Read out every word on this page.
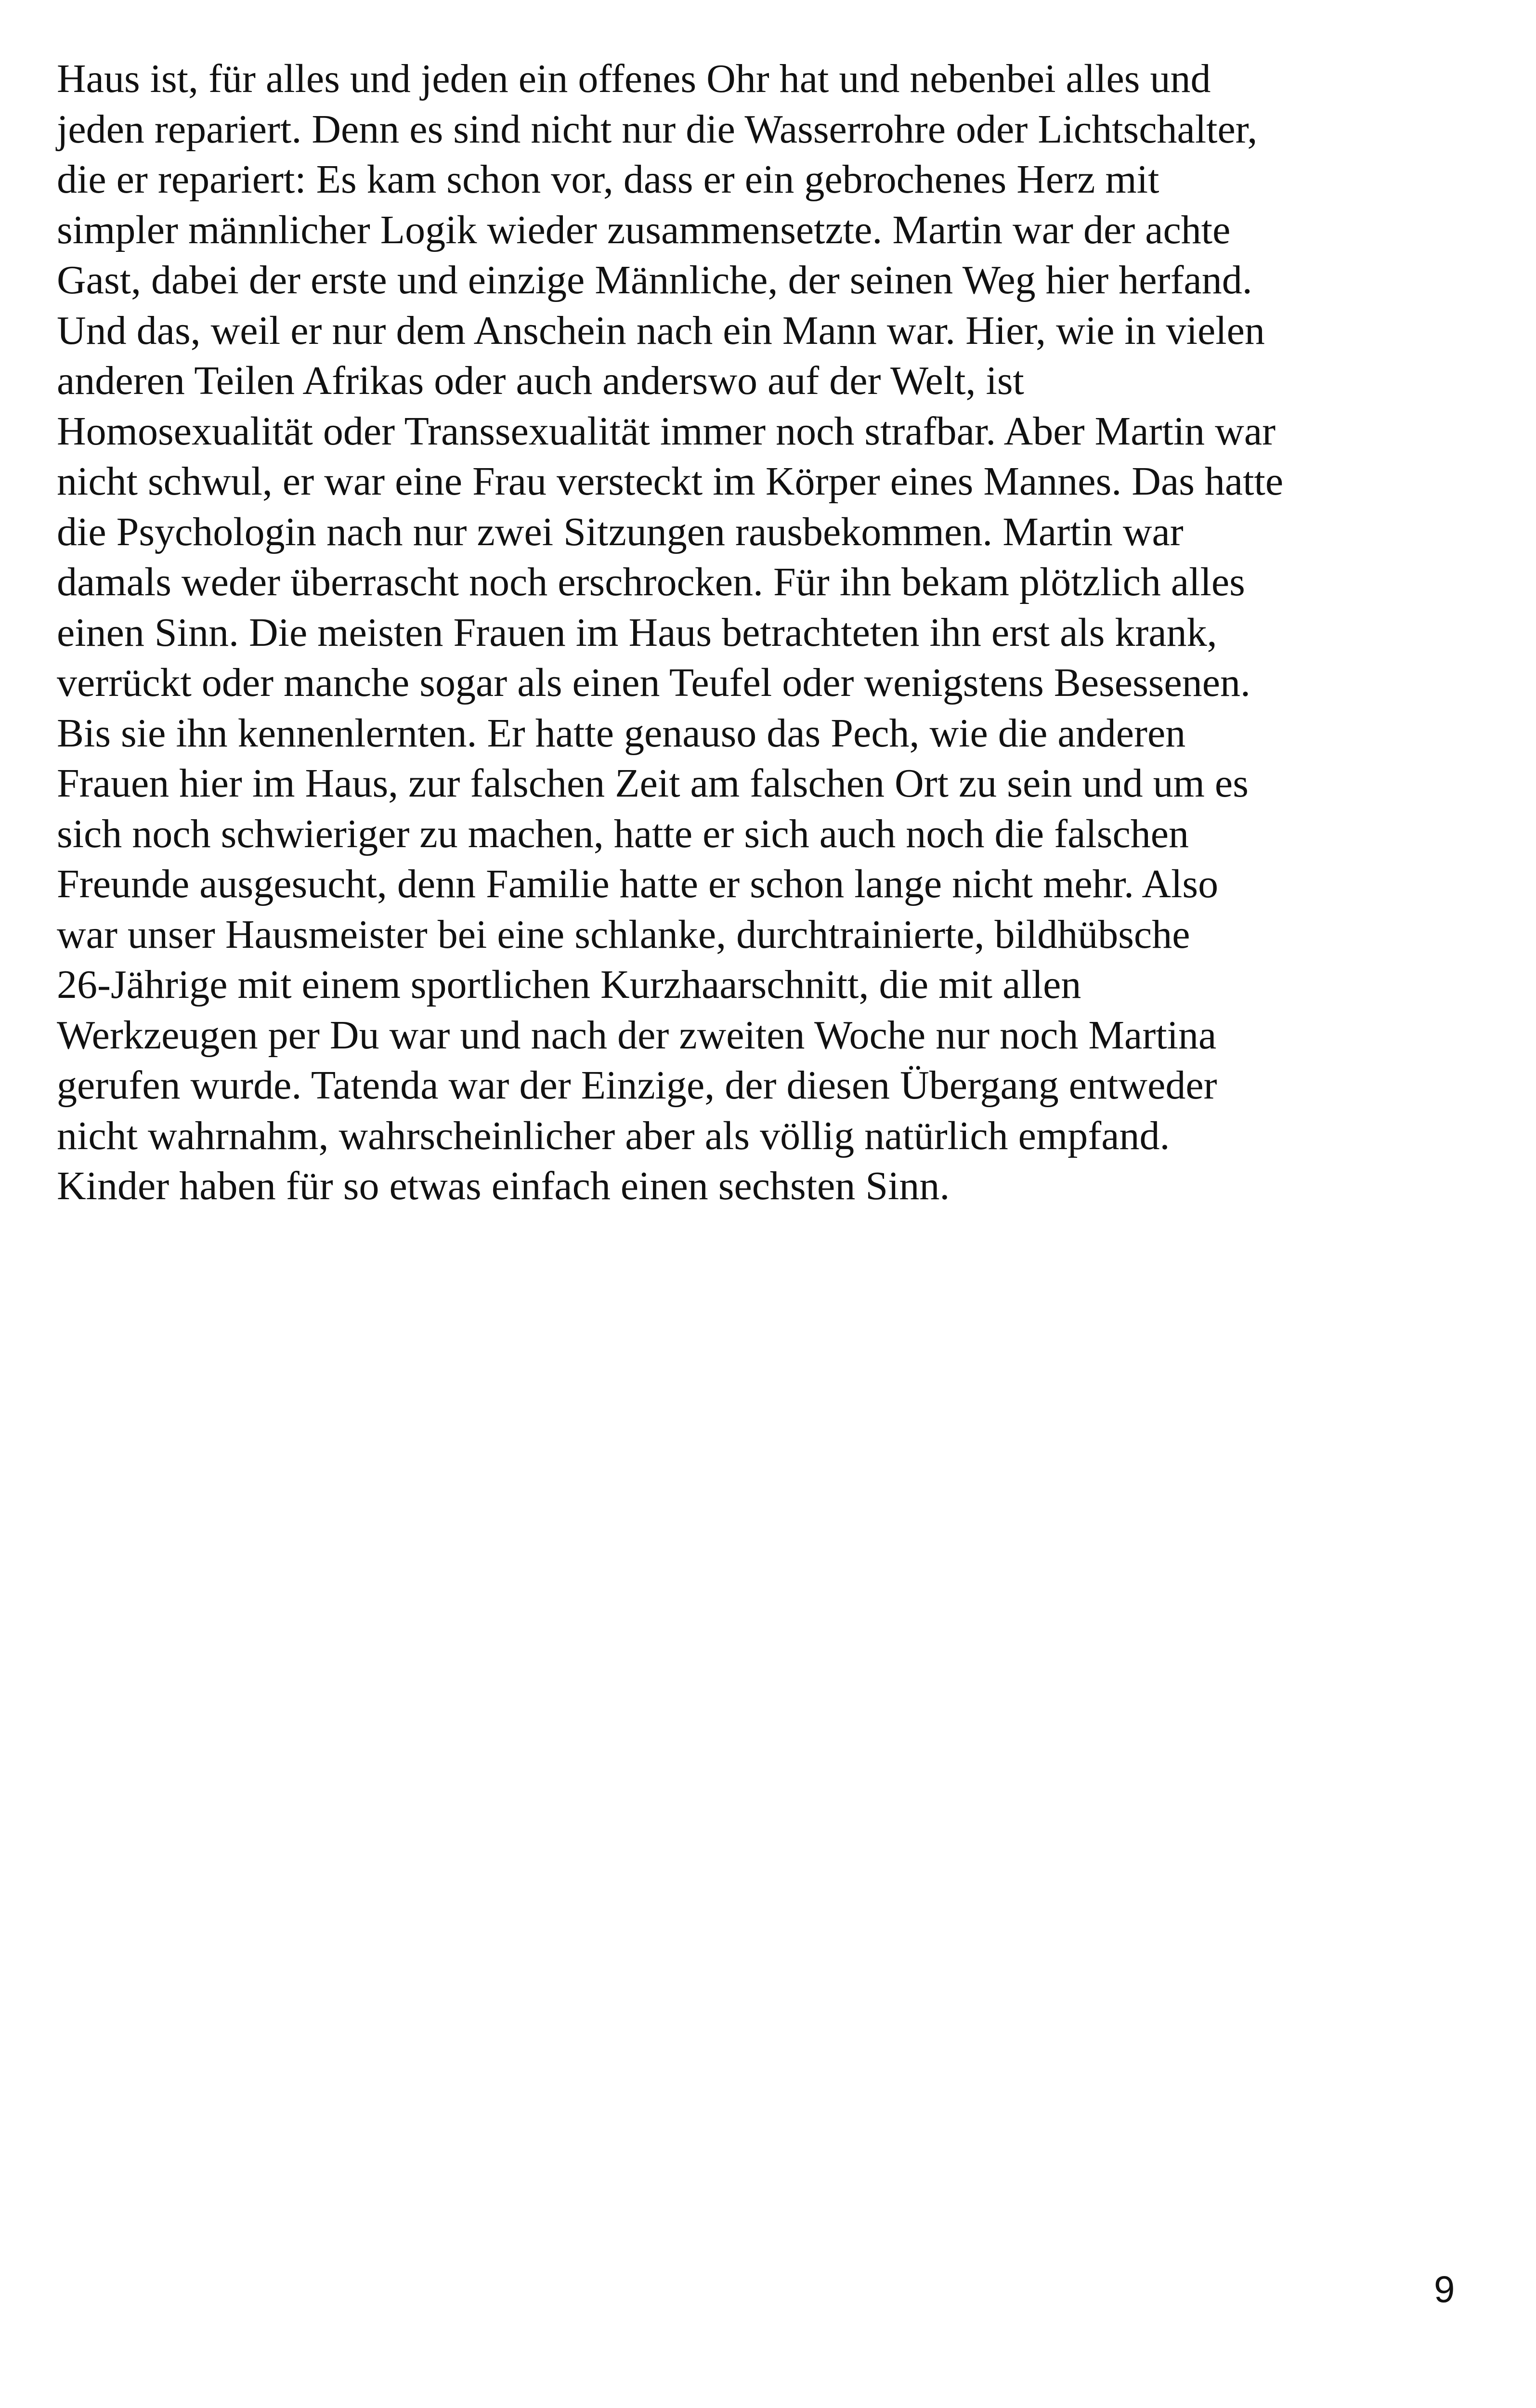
Haus ist, für alles und jeden ein offenes Ohr hat und nebenbei alles und
jeden repariert. Denn es sind nicht nur die Wasserrohre oder Lichtschalter,
die er repariert: Es kam schon vor, dass er ein gebrochenes Herz mit
simpler männlicher Logik wieder zusammensetzte. Martin war der achte
Gast, dabei der erste und einzige Männliche, der seinen Weg hier herfand.
Und das, weil er nur dem Anschein nach ein Mann war. Hier, wie in vielen
anderen Teilen Afrikas oder auch anderswo auf der Welt, ist
Homosexualität oder Transsexualität immer noch strafbar. Aber Martin war
nicht schwul, er war eine Frau versteckt im Körper eines Mannes. Das hatte
die Psychologin nach nur zwei Sitzungen rausbekommen. Martin war
damals weder überrascht noch erschrocken. Für ihn bekam plötzlich alles
einen Sinn. Die meisten Frauen im Haus betrachteten ihn erst als krank,
verrückt oder manche sogar als einen Teufel oder wenigstens Besessenen.
Bis sie ihn kennenlernten. Er hatte genauso das Pech, wie die anderen
Frauen hier im Haus, zur falschen Zeit am falschen Ort zu sein und um es
sich noch schwieriger zu machen, hatte er sich auch noch die falschen
Freunde ausgesucht, denn Familie hatte er schon lange nicht mehr. Also
war unser Hausmeister bei eine schlanke, durchtrainierte, bildhübsche
26-Jährige mit einem sportlichen Kurzhaarschnitt, die mit allen
Werkzeugen per Du war und nach der zweiten Woche nur noch Martina
gerufen wurde. Tatenda war der Einzige, der diesen Übergang entweder
nicht wahrnahm, wahrscheinlicher aber als völlig natürlich empfand.
Kinder haben für so etwas einfach einen sechsten Sinn.
9
